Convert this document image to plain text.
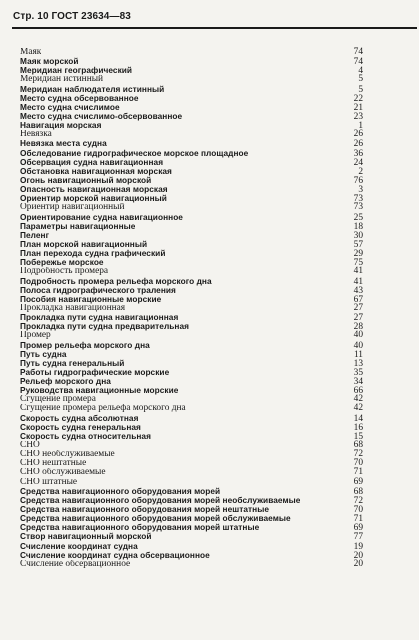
Стр. 10 ГОСТ 23634—83
Маяк	74
Маяк морской	74
Меридиан географический	4
Меридиан истинный	5
Меридиан наблюдателя истинный	5
Место судна обсервованное	22
Место судна счислимое	21
Место судна счислимо-обсервованное	23
Навигация морская	1
Невязка	26
Невязка места судна	26
Обследование гидрографическое морское площадное	36
Обсервация судна навигационная	24
Обстановка навигационная морская	2
Огонь навигационный морской	76
Опасность навигационная морская	3
Ориентир морской навигационный	73
Ориентир навигационный	73
Ориентирование судна навигационное	25
Параметры навигационные	18
Пеленг	30
План морской навигационный	57
План перехода судна графический	29
Побережье морское	75
Подробность промера	41
Подробность промера рельефа морского дна	41
Полоса гидрографического траления	43
Пособия навигационные морские	67
Прокладка навигационная	27
Прокладка пути судна навигационная	27
Прокладка пути судна предварительная	28
Промер	40
Промер рельефа морского дна	40
Путь судна	11
Путь судна генеральный	13
Работы гидрографические морские	35
Рельеф морского дна	34
Руководства навигационные морские	66
Сгущение промера	42
Сгущение промера рельефа морского дна	42
Скорость судна абсолютная	14
Скорость судна генеральная	16
Скорость судна относительная	15
СНО	68
СНО необслуживаемые	72
СНО нештатные	70
СНО обслуживаемые	71
СНО штатные	69
Средства навигационного оборудования морей	68
Средства навигационного оборудования морей необслуживаемые	72
Средства навигационного оборудования морей нештатные	70
Средства навигационного оборудования морей обслуживаемые	71
Средства навигационного оборудования морей штатные	69
Створ навигационный морской	77
Счисление координат судна	19
Счисление координат судна обсервационное	20
Счисление обсервационное	20
